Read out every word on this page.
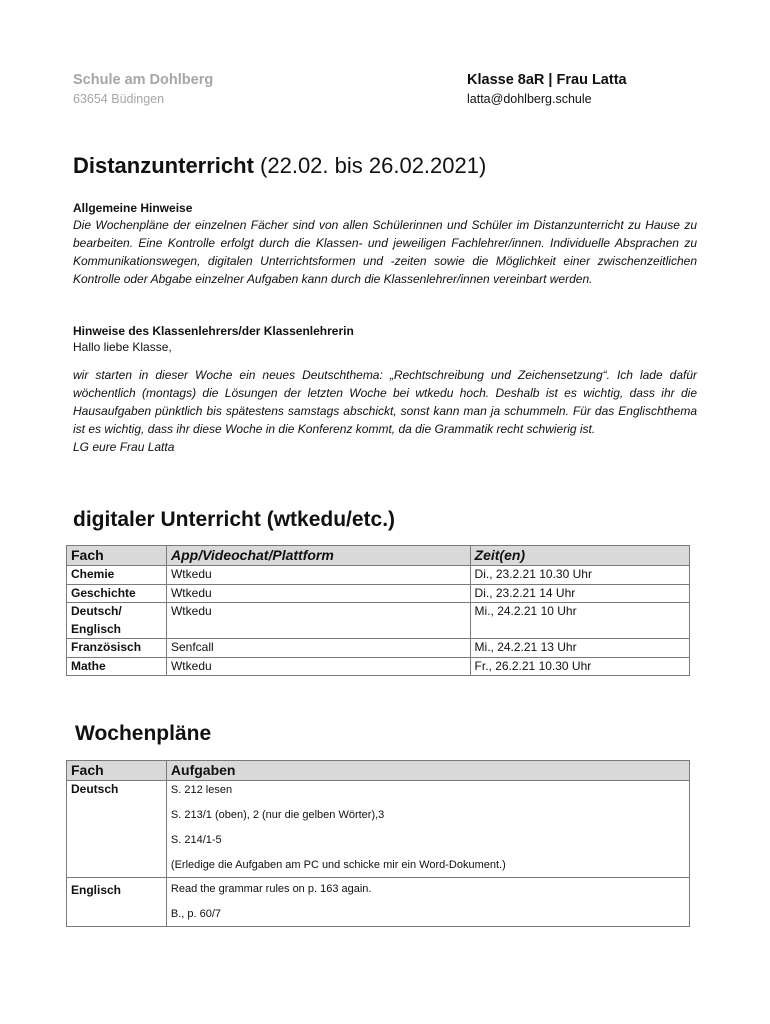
Schule am Dohlberg
63654 Büdingen
Klasse 8aR | Frau Latta
latta@dohlberg.schule
Distanzunterricht (22.02. bis 26.02.2021)
Allgemeine Hinweise

Die Wochenpläne der einzelnen Fächer sind von allen Schülerinnen und Schüler im Distanzunterricht zu Hause zu bearbeiten. Eine Kontrolle erfolgt durch die Klassen- und jeweiligen Fachlehrer/innen. Individuelle Absprachen zu Kommunikationswegen, digitalen Unterrichtsformen und -zeiten sowie die Möglichkeit einer zwischenzeitlichen Kontrolle oder Abgabe einzelner Aufgaben kann durch die Klassenlehrer/innen vereinbart werden.

Hinweise des Klassenlehrers/der Klassenlehrerin

Hallo liebe Klasse,

wir starten in dieser Woche ein neues Deutschthema: „Rechtschreibung und Zeichensetzung“. Ich lade dafür wöchentlich (montags) die Lösungen der letzten Woche bei wtkedu hoch. Deshalb ist es wichtig, dass ihr die Hausaufgaben pünktlich bis spätestens samstags abschickt, sonst kann man ja schummeln. Für das Englischthema ist es wichtig, dass ihr diese Woche in die Konferenz kommt, da die Grammatik recht schwierig ist.

LG eure Frau Latta

digitaler Unterricht (wtkedu/etc.)
Fach	App/Videochat/Plattform	Zeit(en)
Chemie	Wtkedu	Di., 23.2.21 10.30 Uhr
Geschichte	Wtkedu	Di., 23.2.21 14 Uhr
Deutsch/ Englisch	Wtkedu	Mi., 24.2.21 10 Uhr
Französisch	Senfcall	Mi., 24.2.21 13 Uhr
Mathe	Wtkedu	Fr., 26.2.21 10.30 Uhr
Wochenpläne
Fach	Aufgaben
Deutsch	S. 212 lesen
S. 213/1 (oben), 2 (nur die gelben Wörter),3
S. 214/1-5
(Erledige die Aufgaben am PC und schicke mir ein Word-Dokument.)

Englisch	Read the grammar rules on p. 163 again.
B., p. 60/7
